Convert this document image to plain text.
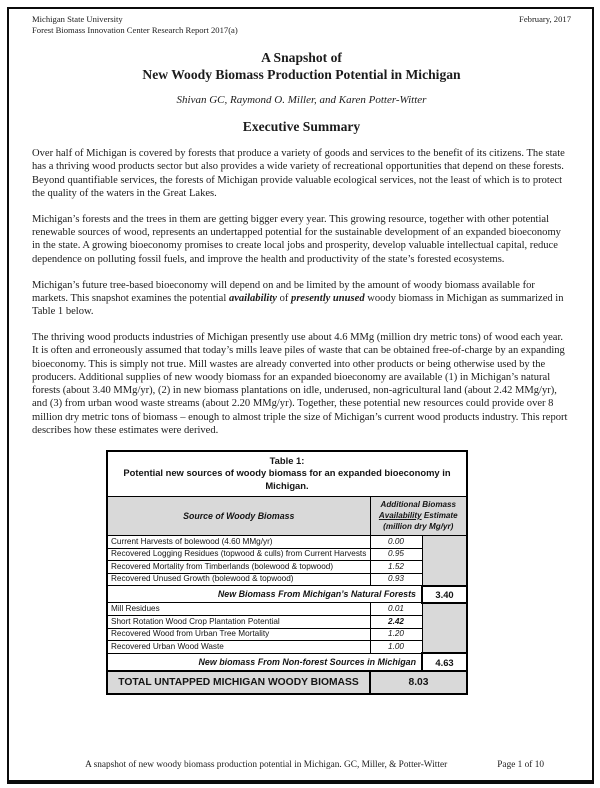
Michigan State University
Forest Biomass Innovation Center Research Report 2017(a)
February, 2017
A Snapshot of
New Woody Biomass Production Potential in Michigan
Shivan GC, Raymond O. Miller, and Karen Potter-Witter
Executive Summary

Over half of Michigan is covered by forests that produce a variety of goods and services to the benefit of its citizens. The state has a thriving wood products sector but also provides a wide variety of recreational opportunities that depend on these forests. Beyond quantifiable services, the forests of Michigan provide valuable ecological services, not the least of which is to protect the quality of the waters in the Great Lakes.

Michigan’s forests and the trees in them are getting bigger every year. This growing resource, together with other potential renewable sources of wood, represents an undertapped potential for the sustainable development of an expanded bioeconomy in the state. A growing bioeconomy promises to create local jobs and prosperity, develop valuable intellectual capital, reduce dependence on polluting fossil fuels, and improve the health and productivity of the state’s forested ecosystems.

Michigan’s future tree-based bioeconomy will depend on and be limited by the amount of woody biomass available for markets. This snapshot examines the potential availability of presently unused woody biomass in Michigan as summarized in Table 1 below.

The thriving wood products industries of Michigan presently use about 4.6 MMg (million dry metric tons) of wood each year. It is often and erroneously assumed that today’s mills leave piles of waste that can be obtained free-of-charge by an expanding bioeconomy. This is simply not true. Mill wastes are already converted into other products or being otherwise used by the producers. Additional supplies of new woody biomass for an expanded bioeconomy are available (1) in Michigan’s natural forests (about 3.40 MMg/yr), (2) in new biomass plantations on idle, underused, non-agricultural land (about 2.42 MMg/yr), and (3) from urban wood waste streams (about 2.20 MMg/yr). Together, these potential new resources could provide over 8 million dry metric tons of biomass – enough to almost triple the size of Michigan’s current wood products industry. This report describes how these estimates were derived.

Table 1:
Potential new sources of woody biomass for an expanded bioeconomy in Michigan.		

Source of Woody Biomass	Additional Biomass
Availability Estimate
(million dry Mg/yr)	

Current Harvests of bolewood (4.60 MMg/yr)	0.00	
Recovered Logging Residues (topwood & culls) from Current Harvests	0.95	
Recovered Mortality from Timberlands (bolewood & topwood)	1.52	
Recovered Unused Growth (bolewood & topwood)	0.93	
New Biomass From Michigan’s Natural Forests		3.40
Mill Residues	0.01	
Short Rotation Wood Crop Plantation Potential	2.42	
Recovered Wood from Urban Tree Mortality	1.20	
Recovered Urban Wood Waste	1.00	
New biomass From Non-forest Sources in Michigan		4.63
TOTAL UNTAPPED MICHIGAN WOODY BIOMASS	8.03	
A snapshot of new woody biomass production potential in Michigan. GC, Miller, & Potter-Witter	Page 1 of 10
